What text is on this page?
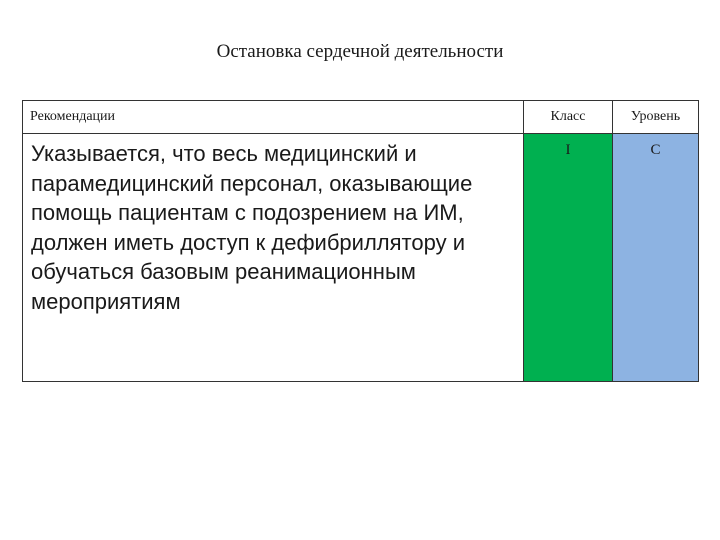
Остановка сердечной деятельности
Рекомендации	Класс	Уровень
Указывается, что весь медицинский и парамедицинский персонал, оказывающие помощь пациентам с подозрением на ИМ, должен иметь доступ к дефибриллятору и обучаться базовым реанимационным мероприятиям	I	C
